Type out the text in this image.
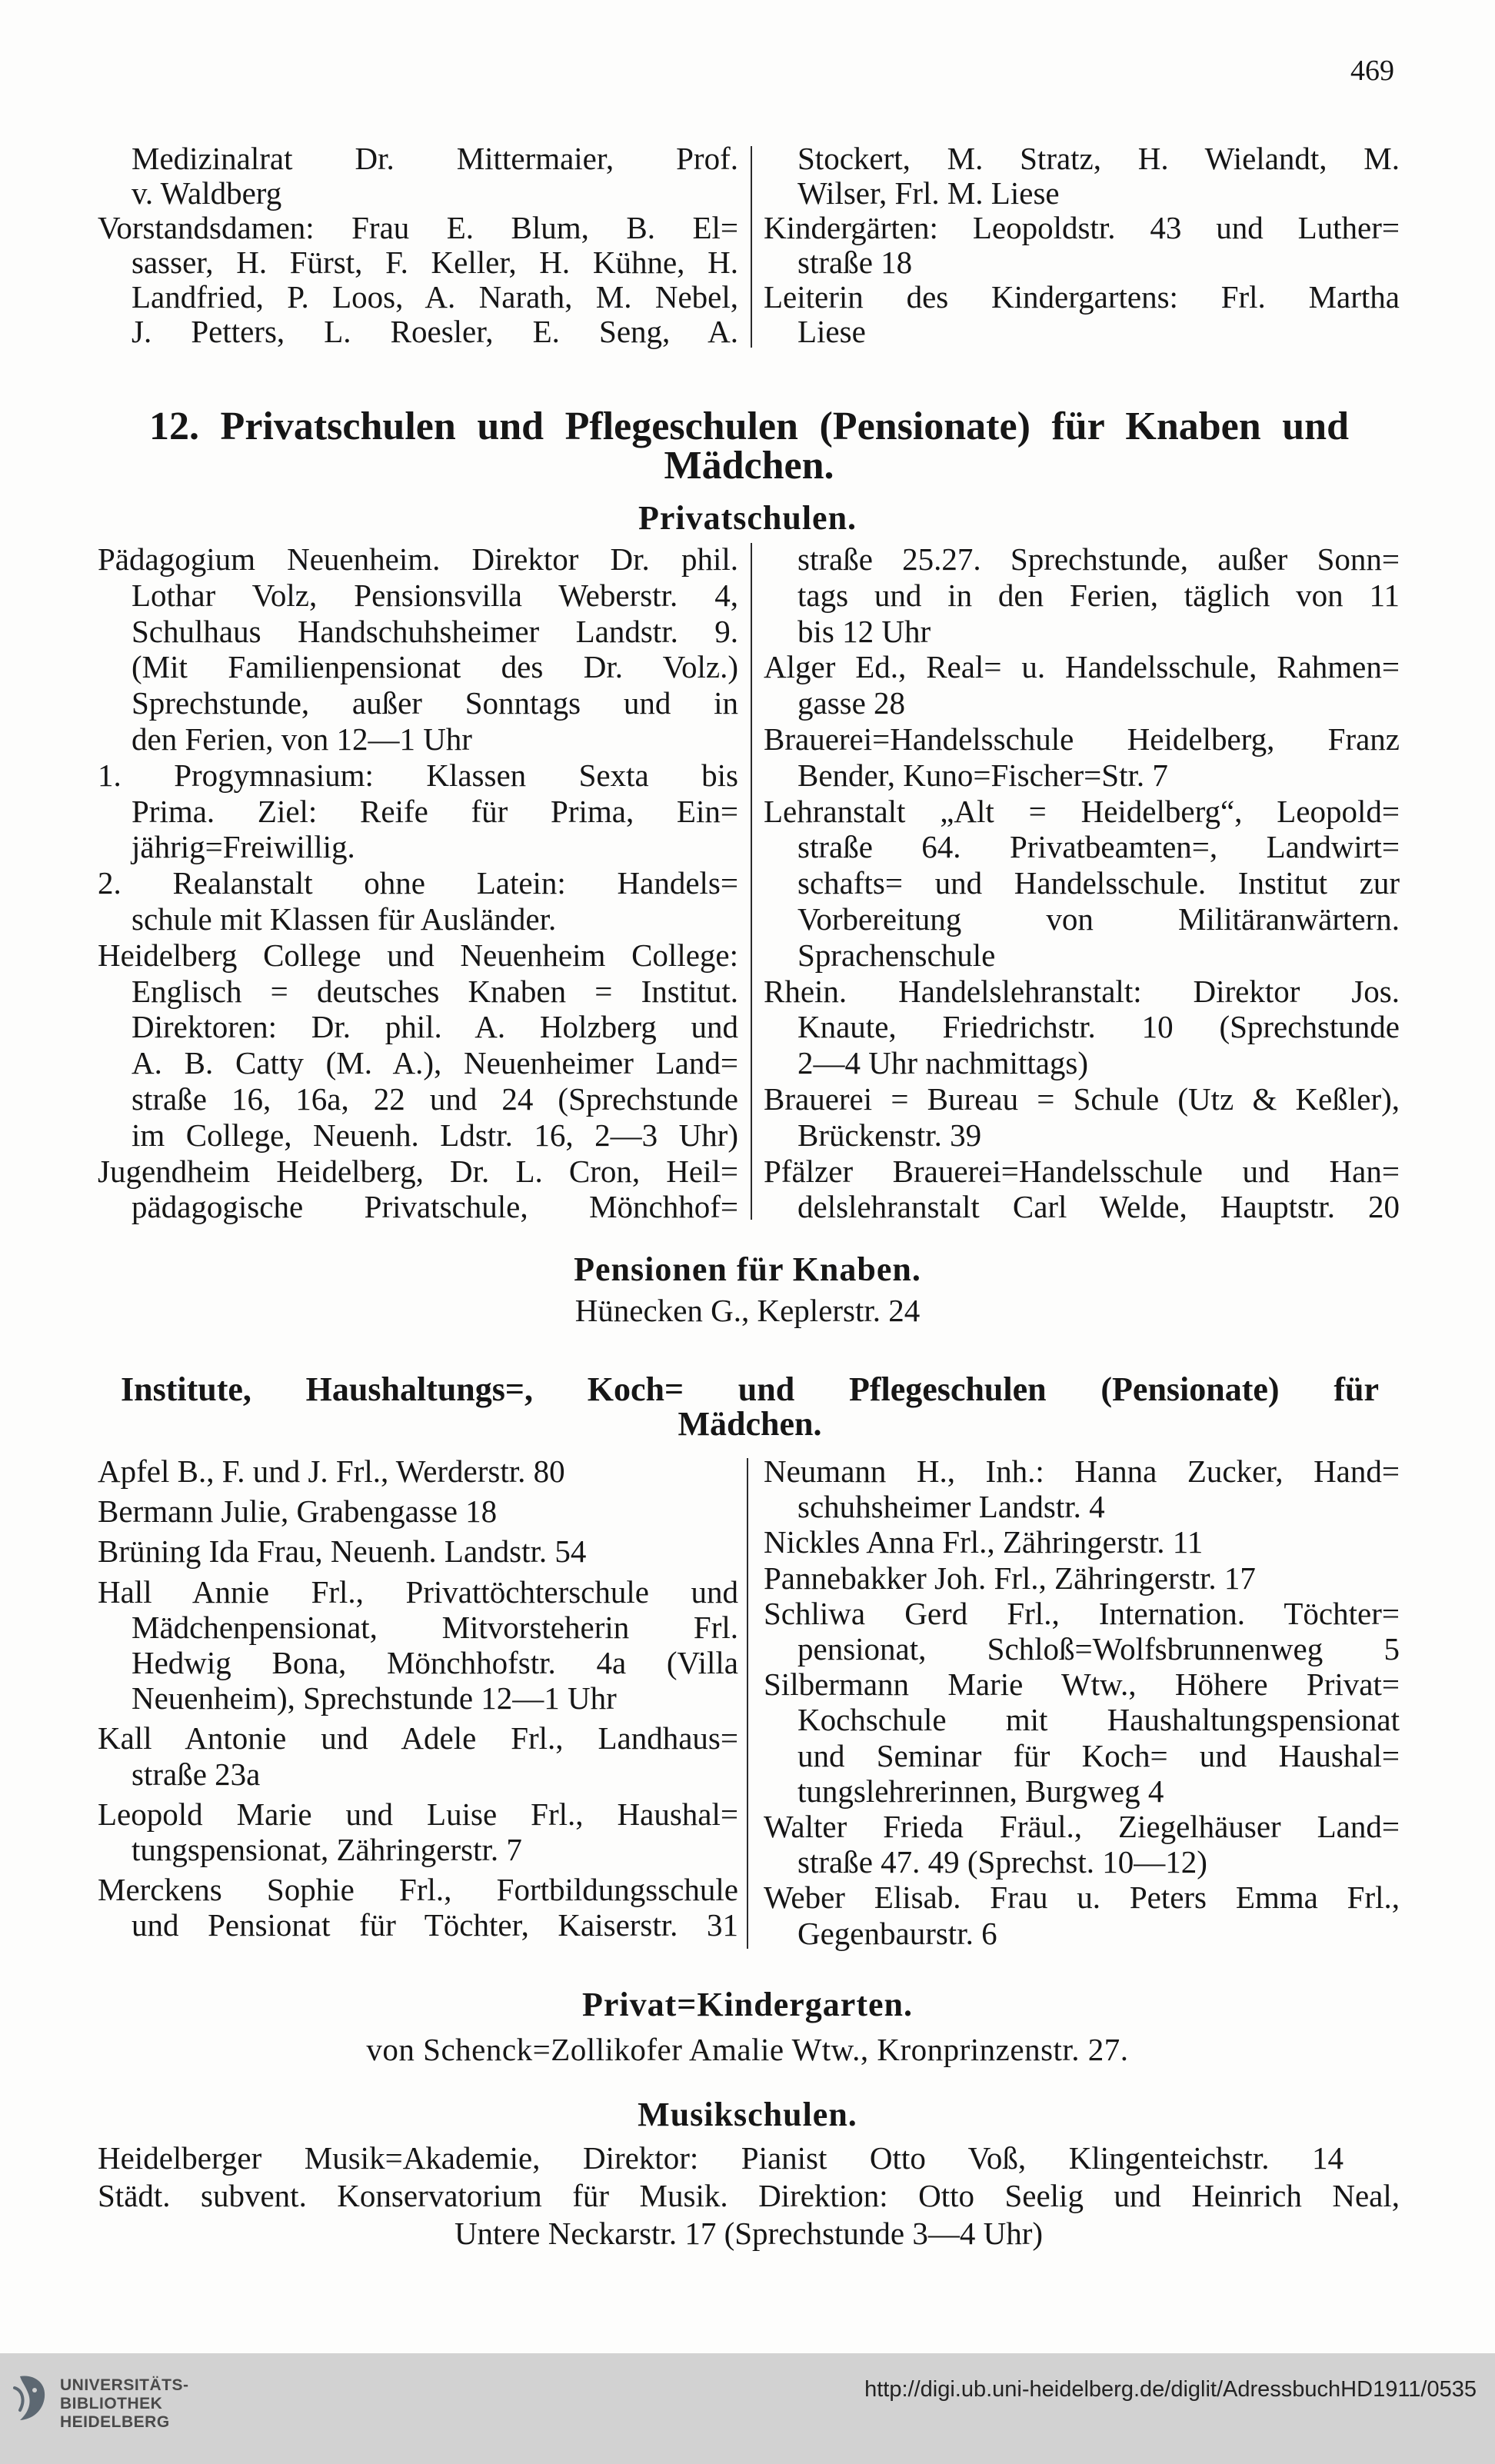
469
Medizinalrat Dr. Mittermaier, Prof.
v. Waldberg
Vorstandsdamen: Frau E. Blum, B. El=
sasser, H. Fürst, F. Keller, H. Kühne, H.
Landfried, P. Loos, A. Narath, M. Nebel,
J. Petters, L. Roesler, E. Seng, A.
Stockert, M. Stratz, H. Wielandt, M.
Wilser, Frl. M. Liese
Kindergärten: Leopoldstr. 43 und Luther=
straße 18
Leiterin des Kindergartens: Frl. Martha
Liese
12. Privatschulen und Pflegeschulen (Pensionate) für Knaben und
Mädchen.
Privatschulen.
Pädagogium Neuenheim. Direktor Dr. phil.
Lothar Volz, Pensionsvilla Weberstr. 4,
Schulhaus Handschuhsheimer Landstr. 9.
(Mit Familienpensionat des Dr. Volz.)
Sprechstunde, außer Sonntags und in
den Ferien, von 12—1 Uhr
1. Progymnasium: Klassen Sexta bis
Prima. Ziel: Reife für Prima, Ein=
jährig=Freiwillig.
2. Realanstalt ohne Latein: Handels=
schule mit Klassen für Ausländer.
Heidelberg College und Neuenheim College:
Englisch = deutsches Knaben = Institut.
Direktoren: Dr. phil. A. Holzberg und
A. B. Catty (M. A.), Neuenheimer Land=
straße 16, 16a, 22 und 24 (Sprechstunde
im College, Neuenh. Ldstr. 16, 2—3 Uhr)
Jugendheim Heidelberg, Dr. L. Cron, Heil=
pädagogische Privatschule, Mönchhof=
straße 25.27. Sprechstunde, außer Sonn=
tags und in den Ferien, täglich von 11
bis 12 Uhr
Alger Ed., Real= u. Handelsschule, Rahmen=
gasse 28
Brauerei=Handelsschule Heidelberg, Franz
Bender, Kuno=Fischer=Str. 7
Lehranstalt „Alt = Heidelberg“, Leopold=
straße 64. Privatbeamten=, Landwirt=
schafts= und Handelsschule. Institut zur
Vorbereitung von Militäranwärtern.
Sprachenschule
Rhein. Handelslehranstalt: Direktor Jos.
Knaute, Friedrichstr. 10 (Sprechstunde
2—4 Uhr nachmittags)
Brauerei = Bureau = Schule (Utz & Keßler),
Brückenstr. 39
Pfälzer Brauerei=Handelsschule und Han=
delslehranstalt Carl Welde, Hauptstr. 20
Pensionen für Knaben.
Hünecken G., Keplerstr. 24
Institute, Haushaltungs=, Koch= und Pflegeschulen (Pensionate) für
Mädchen.
Apfel B., F. und J. Frl., Werderstr. 80
Bermann Julie, Grabengasse 18
Brüning Ida Frau, Neuenh. Landstr. 54
Hall Annie Frl., Privattöchterschule und
Mädchenpensionat, Mitvorsteherin Frl.
Hedwig Bona, Mönchhofstr. 4a (Villa
Neuenheim), Sprechstunde 12—1 Uhr
Kall Antonie und Adele Frl., Landhaus=
straße 23a
Leopold Marie und Luise Frl., Haushal=
tungspensionat, Zähringerstr. 7
Merckens Sophie Frl., Fortbildungsschule
und Pensionat für Töchter, Kaiserstr. 31
Neumann H., Inh.: Hanna Zucker, Hand=
schuhsheimer Landstr. 4
Nickles Anna Frl., Zähringerstr. 11
Pannebakker Joh. Frl., Zähringerstr. 17
Schliwa Gerd Frl., Internation. Töchter=
pensionat, Schloß=Wolfsbrunnenweg 5
Silbermann Marie Wtw., Höhere Privat=
Kochschule mit Haushaltungspensionat
und Seminar für Koch= und Haushal=
tungslehrerinnen, Burgweg 4
Walter Frieda Fräul., Ziegelhäuser Land=
straße 47. 49 (Sprechst. 10—12)
Weber Elisab. Frau u. Peters Emma Frl.,
Gegenbaurstr. 6
Privat=Kindergarten.
von Schenck=Zollikofer Amalie Wtw., Kronprinzenstr. 27.
Musikschulen.
Heidelberger Musik=Akademie, Direktor: Pianist Otto Voß, Klingenteichstr. 14
Städt. subvent. Konservatorium für Musik. Direktion: Otto Seelig und Heinrich Neal,
Untere Neckarstr. 17 (Sprechstunde 3—4 Uhr)
UNIVERSITÄTS-
BIBLIOTHEK
HEIDELBERG
http://digi.ub.uni-heidelberg.de/diglit/AdressbuchHD1911/0535
